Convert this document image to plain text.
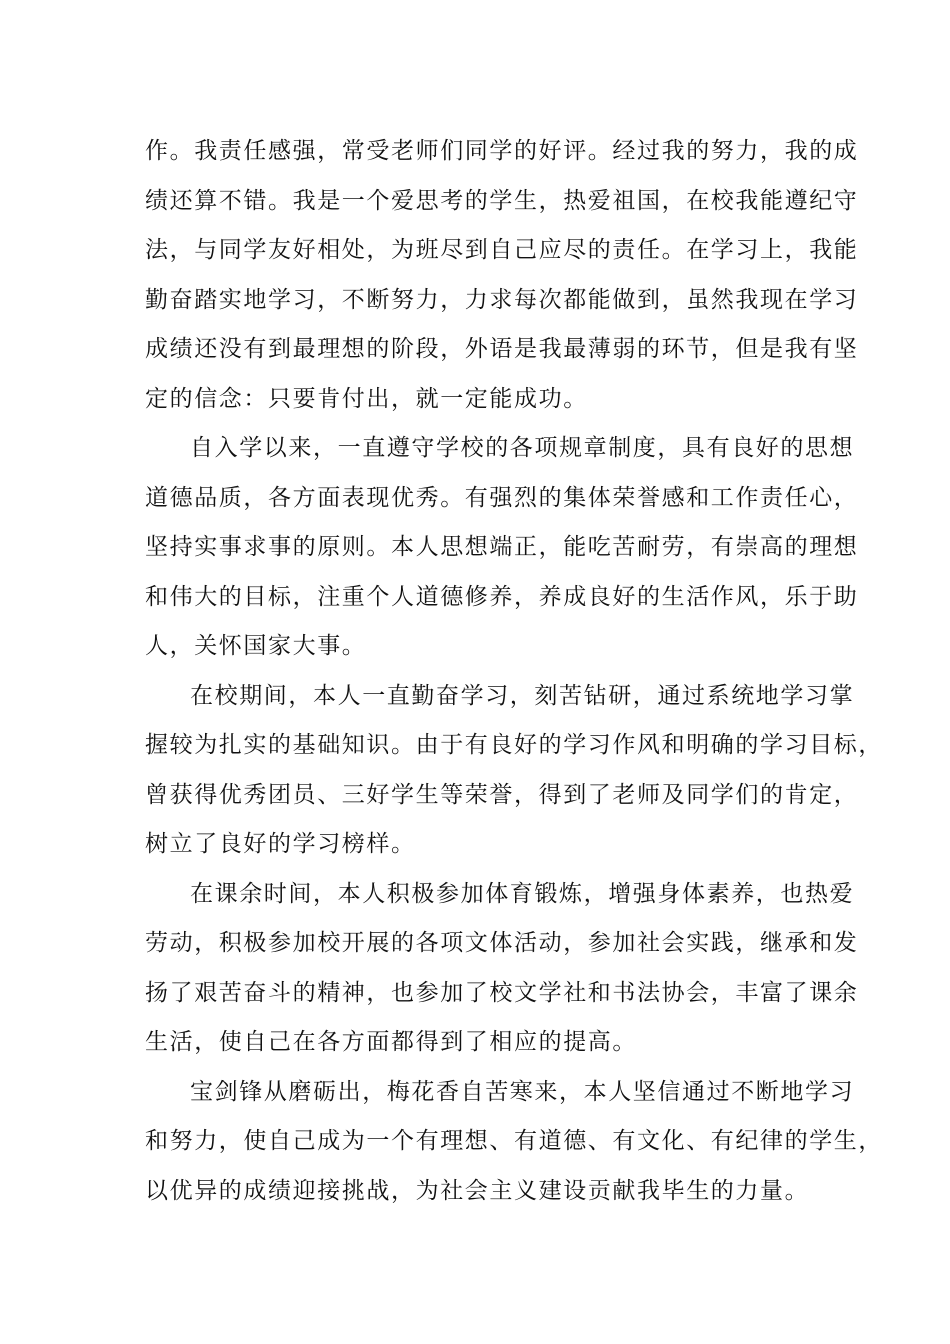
作。我责任感强，常受老师们同学的好评。经过我的努力，我的成
绩还算不错。我是一个爱思考的学生，热爱祖国，在校我能遵纪守
法，与同学友好相处，为班尽到自己应尽的责任。在学习上，我能
勤奋踏实地学习，不断努力，力求每次都能做到，虽然我现在学习
成绩还没有到最理想的阶段，外语是我最薄弱的环节，但是我有坚
定的信念：只要肯付出，就一定能成功。
自入学以来，一直遵守学校的各项规章制度，具有良好的思想
道德品质，各方面表现优秀。有强烈的集体荣誉感和工作责任心，
坚持实事求事的原则。本人思想端正，能吃苦耐劳，有崇高的理想
和伟大的目标，注重个人道德修养，养成良好的生活作风，乐于助
人，关怀国家大事。
在校期间，本人一直勤奋学习，刻苦钻研，通过系统地学习掌
握较为扎实的基础知识。由于有良好的学习作风和明确的学习目标，
曾获得优秀团员、三好学生等荣誉，得到了老师及同学们的肯定，
树立了良好的学习榜样。
在课余时间，本人积极参加体育锻炼，增强身体素养，也热爱
劳动，积极参加校开展的各项文体活动，参加社会实践，继承和发
扬了艰苦奋斗的精神，也参加了校文学社和书法协会，丰富了课余
生活，使自己在各方面都得到了相应的提高。
宝剑锋从磨砺出，梅花香自苦寒来，本人坚信通过不断地学习
和努力，使自己成为一个有理想、有道德、有文化、有纪律的学生，
以优异的成绩迎接挑战，为社会主义建设贡献我毕生的力量。
